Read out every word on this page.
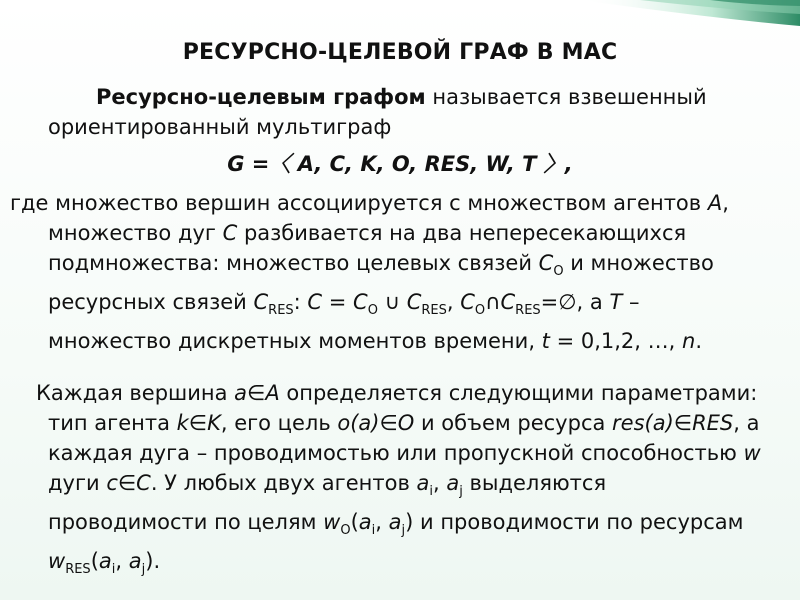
РЕСУРСНО-ЦЕЛЕВОЙ ГРАФ В МАС
Ресурсно-целевым графом называется взвешенный ориентированный мультиграф
G =〈 A, C, K, O, RES, W, T 〉,
где множество вершин ассоциируется с множеством агентов A, множество дуг C разбивается на два непересекающихся подмножества: множество целевых связей $C_O$ и множество ресурсных связей $C_{RES}$: $C = C_O$ ∪ $C_{RES}$, $C_O\cap C_{RES}=\emptyset$, а T – множество дискретных моментов времени, t = 0,1,2, …, n.
Каждая вершина a∈A определяется следующими параметрами: тип агента k∈K, его цель o(a)∈O и объем ресурса res(a)∈RES, а каждая дуга – проводимостью или пропускной способностью w дуги c∈C. У любых двух агентов $a_i$, $a_j$ выделяются проводимости по целям $w_O(a_i$, $a_j$) и проводимости по ресурсам $w_{RES}(a_i$, $a_j$).
